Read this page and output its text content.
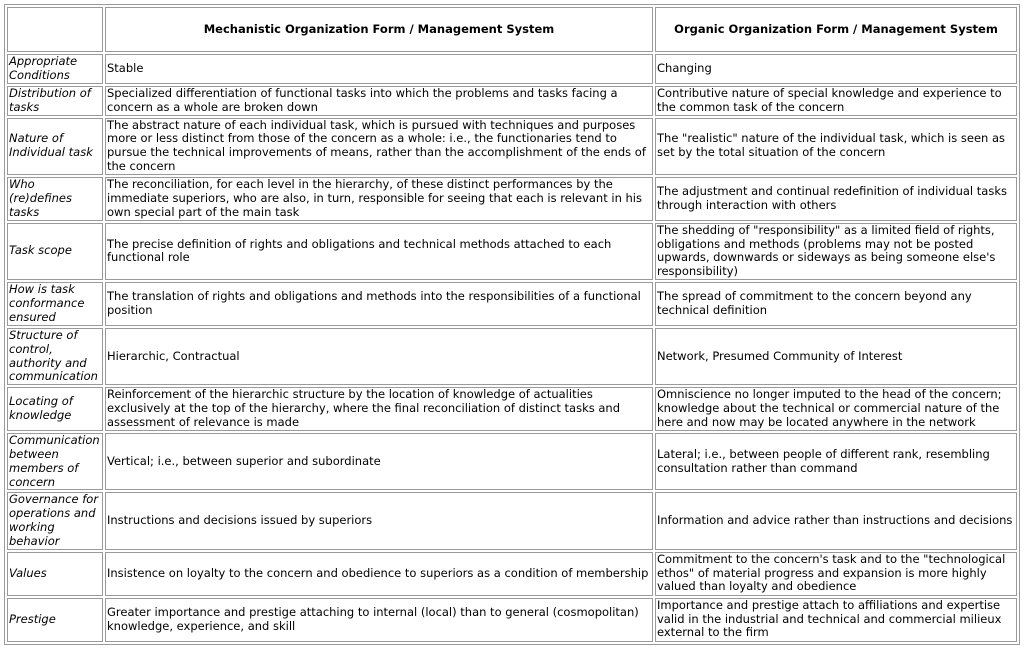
	Mechanistic Organization Form / Management System	Organic Organization Form / Management System
Appropriate Conditions	Stable	Changing
Distribution of tasks	Specialized differentiation of functional tasks into which the problems and tasks facing a concern as a whole are broken down	Contributive nature of special knowledge and experience to the common task of the concern
Nature of Individual task	The abstract nature of each individual task, which is pursued with techniques and purposes more or less distinct from those of the concern as a whole: i.e., the functionaries tend to pursue the technical improvements of means, rather than the accomplishment of the ends of the concern	The "realistic" nature of the individual task, which is seen as set by the total situation of the concern
Who (re)defines tasks	The reconciliation, for each level in the hierarchy, of these distinct performances by the immediate superiors, who are also, in turn, responsible for seeing that each is relevant in his own special part of the main task	The adjustment and continual redefinition of individual tasks through interaction with others
Task scope	The precise definition of rights and obligations and technical methods attached to each functional role	The shedding of "responsibility" as a limited field of rights, obligations and methods (problems may not be posted upwards, downwards or sideways as being someone else's responsibility)
How is task conformance ensured	The translation of rights and obligations and methods into the responsibilities of a functional position	The spread of commitment to the concern beyond any technical definition
Structure of control, authority and communication	Hierarchic, Contractual	Network, Presumed Community of Interest
Locating of knowledge	Reinforcement of the hierarchic structure by the location of knowledge of actualities exclusively at the top of the hierarchy, where the final reconciliation of distinct tasks and assessment of relevance is made	Omniscience no longer imputed to the head of the concern; knowledge about the technical or commercial nature of the here and now may be located anywhere in the network
Communication between members of concern	Vertical; i.e., between superior and subordinate	Lateral; i.e., between people of different rank, resembling consultation rather than command
Governance for operations and working behavior	Instructions and decisions issued by superiors	Information and advice rather than instructions and decisions
Values	Insistence on loyalty to the concern and obedience to superiors as a condition of membership	Commitment to the concern's task and to the "technological ethos" of material progress and expansion is more highly valued than loyalty and obedience
Prestige	Greater importance and prestige attaching to internal (local) than to general (cosmopolitan) knowledge, experience, and skill	Importance and prestige attach to affiliations and expertise valid in the industrial and technical and commercial milieux external to the firm
